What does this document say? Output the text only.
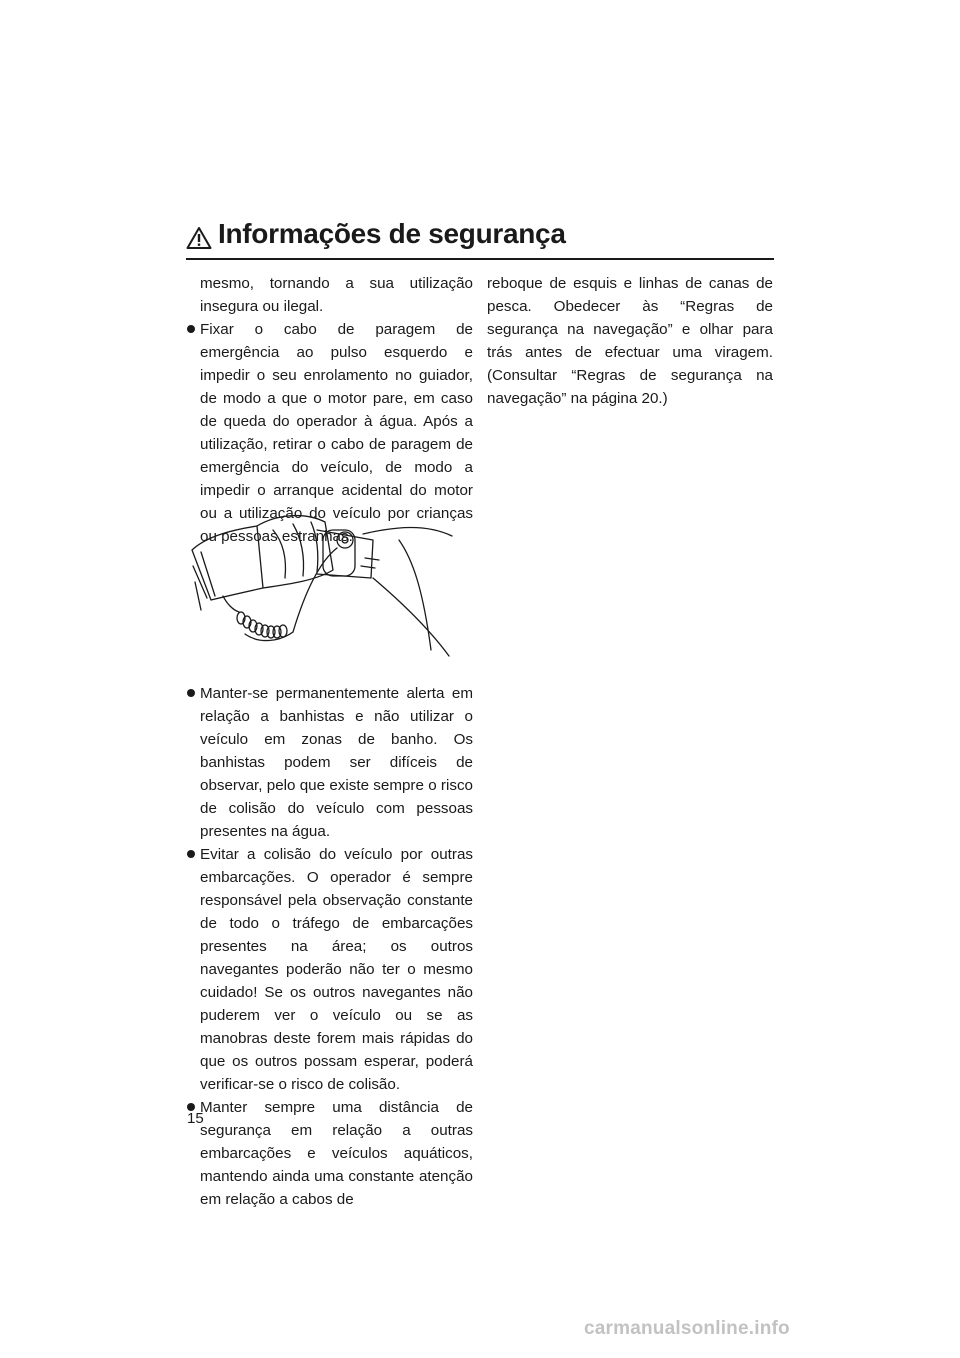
Informações de segurança

mesmo, tornando a sua utilização insegura ou ilegal.

Fixar o cabo de paragem de emergência ao pulso esquerdo e impedir o seu enrolamento no guiador, de modo a que o motor pare, em caso de queda do operador à água. Após a utilização, retirar o cabo de paragem de emergência do veículo, de modo a impedir o arranque acidental do motor ou a utilização do veículo por crianças ou pessoas estranhas.

Manter-se permanentemente alerta em relação a banhistas e não utilizar o veículo em zonas de banho. Os banhistas podem ser difíceis de observar, pelo que existe sempre o risco de colisão do veículo com pessoas presentes na água.

Evitar a colisão do veículo por outras embarcações. O operador é sempre responsável pela observação constante de todo o tráfego de embarcações presentes na área; os outros navegantes poderão não ter o mesmo cuidado! Se os outros navegantes não puderem ver o veículo ou se as manobras deste forem mais rápidas do que os outros possam esperar, poderá verificar-se o risco de colisão.

Manter sempre uma distância de segurança em relação a outras embarcações e veículos aquáticos, mantendo ainda uma constante atenção em relação a cabos de

reboque de esquis e linhas de canas de pesca. Obedecer às “Regras de segurança na navegação” e olhar para trás antes de efectuar uma viragem. (Consultar “Regras de segurança na navegação” na página 20.)

15
carmanualsonline.info
